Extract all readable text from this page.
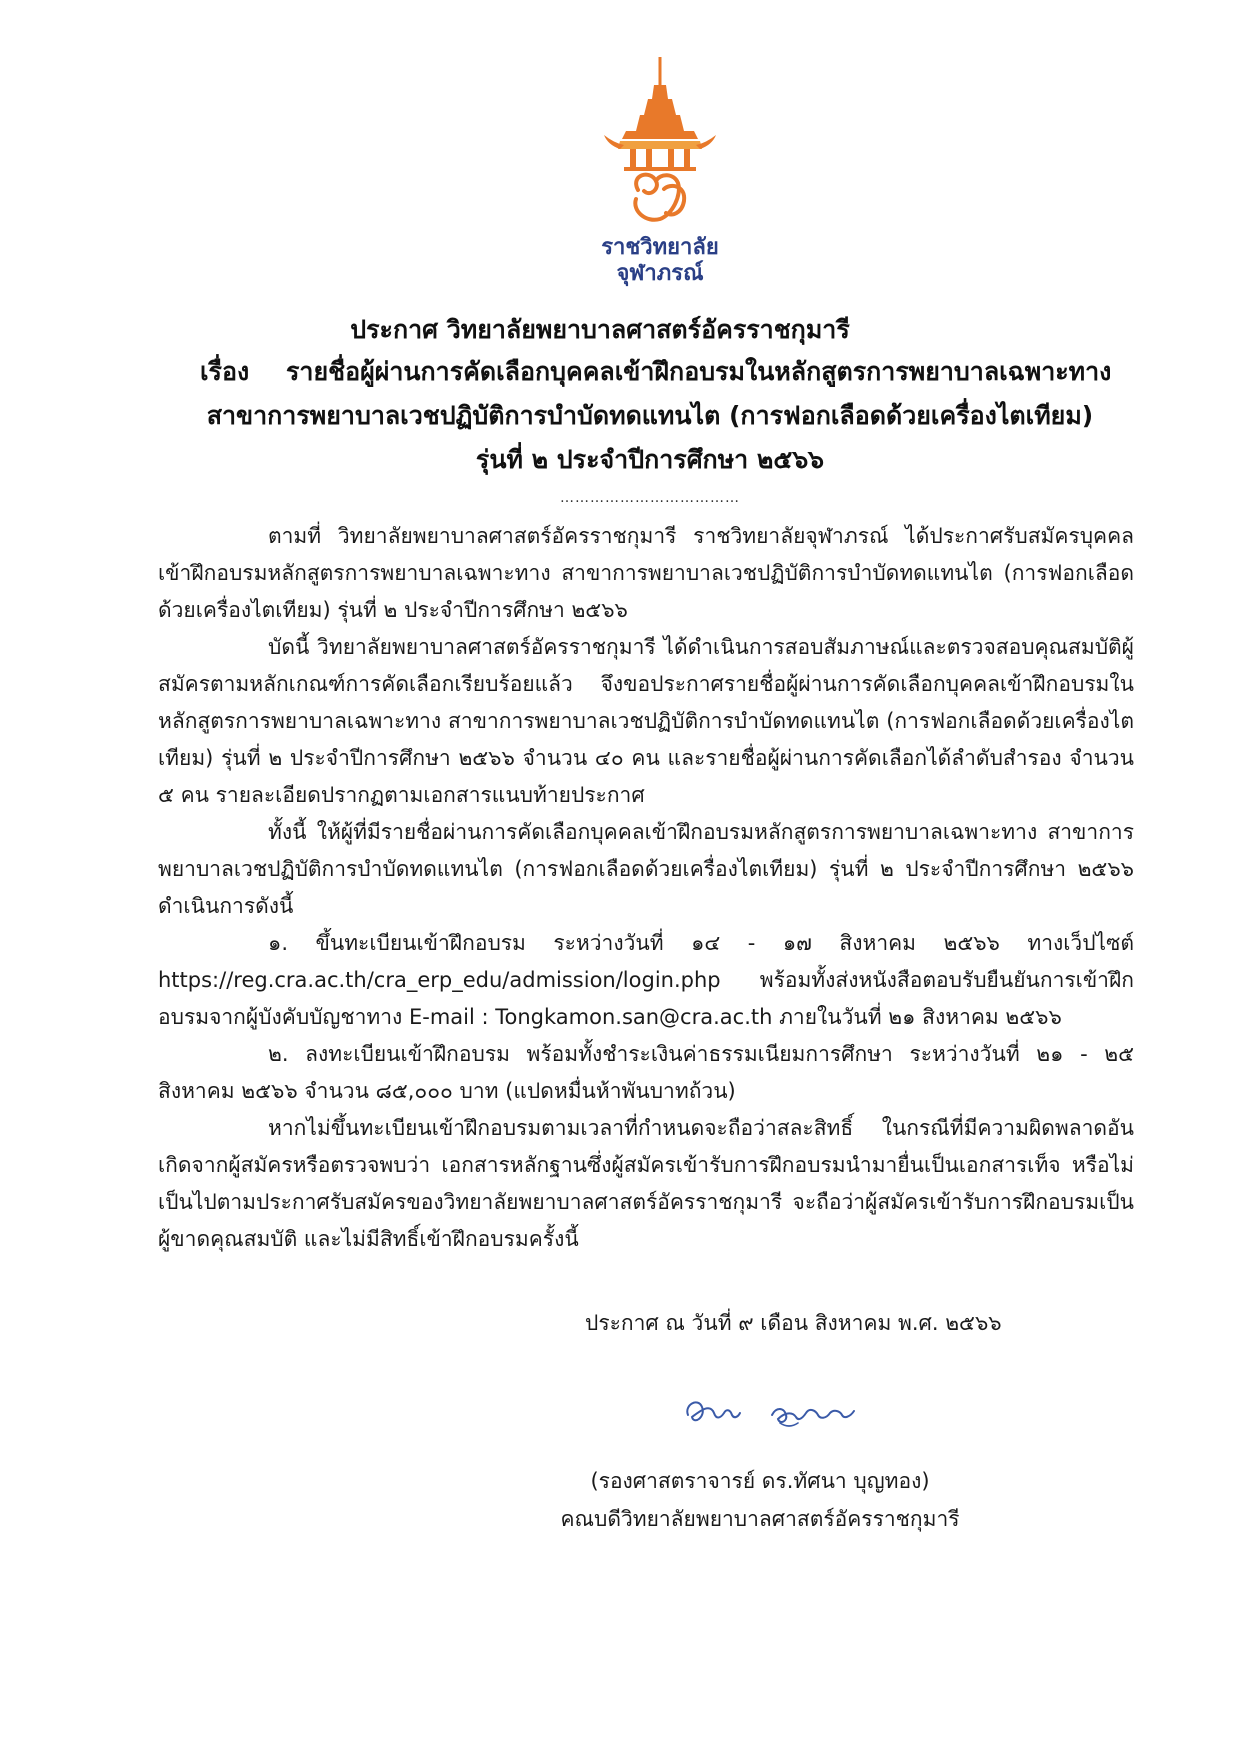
ราชวิทยาลัย
จุฬาภรณ์
ประกาศ วิทยาลัยพยาบาลศาสตร์อัครราชกุมารี
เรื่อง รายชื่อผู้ผ่านการคัดเลือกบุคคลเข้าฝึกอบรมในหลักสูตรการพยาบาลเฉพาะทาง
สาขาการพยาบาลเวชปฏิบัติการบำบัดทดแทนไต (การฟอกเลือดด้วยเครื่องไตเทียม)
รุ่นที่ ๒ ประจำปีการศึกษา ๒๕๖๖
………………………………

ตามที่ วิทยาลัยพยาบาลศาสตร์อัครราชกุมารี ราชวิทยาลัยจุฬาภรณ์ ได้ประกาศรับสมัครบุคคลเข้าฝึกอบรมหลักสูตรการพยาบาลเฉพาะทาง สาขาการพยาบาลเวชปฏิบัติการบำบัดทดแทนไต (การฟอกเลือดด้วยเครื่องไตเทียม) รุ่นที่ ๒ ประจำปีการศึกษา ๒๕๖๖

บัดนี้ วิทยาลัยพยาบาลศาสตร์อัครราชกุมารี ได้ดำเนินการสอบสัมภาษณ์และตรวจสอบคุณสมบัติผู้สมัครตามหลักเกณฑ์การคัดเลือกเรียบร้อยแล้ว จึงขอประกาศรายชื่อผู้ผ่านการคัดเลือกบุคคลเข้าฝึกอบรมในหลักสูตรการพยาบาลเฉพาะทาง สาขาการพยาบาลเวชปฏิบัติการบำบัดทดแทนไต (การฟอกเลือดด้วยเครื่องไตเทียม) รุ่นที่ ๒ ประจำปีการศึกษา ๒๕๖๖ จำนวน ๔๐ คน และรายชื่อผู้ผ่านการคัดเลือกได้ลำดับสำรอง จำนวน ๕ คน รายละเอียดปรากฏตามเอกสารแนบท้ายประกาศ

ทั้งนี้ ให้ผู้ที่มีรายชื่อผ่านการคัดเลือกบุคคลเข้าฝึกอบรมหลักสูตรการพยาบาลเฉพาะทาง สาขาการพยาบาลเวชปฏิบัติการบำบัดทดแทนไต (การฟอกเลือดด้วยเครื่องไตเทียม) รุ่นที่ ๒ ประจำปีการศึกษา ๒๕๖๖ ดำเนินการดังนี้

๑. ขึ้นทะเบียนเข้าฝึกอบรม ระหว่างวันที่ ๑๔ - ๑๗ สิงหาคม ๒๕๖๖ ทางเว็ปไซต์ https://reg.cra.ac.th/cra_erp_edu/admission/login.php พร้อมทั้งส่งหนังสือตอบรับยืนยันการเข้าฝึกอบรมจากผู้บังคับบัญชาทาง E-mail : Tongkamon.san@cra.ac.th ภายในวันที่ ๒๑ สิงหาคม ๒๕๖๖

๒. ลงทะเบียนเข้าฝึกอบรม พร้อมทั้งชำระเงินค่าธรรมเนียมการศึกษา ระหว่างวันที่ ๒๑ - ๒๕ สิงหาคม ๒๕๖๖ จำนวน ๘๕,๐๐๐ บาท (แปดหมื่นห้าพันบาทถ้วน)

หากไม่ขึ้นทะเบียนเข้าฝึกอบรมตามเวลาที่กำหนดจะถือว่าสละสิทธิ์ ในกรณีที่มีความผิดพลาดอันเกิดจากผู้สมัครหรือตรวจพบว่า เอกสารหลักฐานซึ่งผู้สมัครเข้ารับการฝึกอบรมนำมายื่นเป็นเอกสารเท็จ หรือไม่เป็นไปตามประกาศรับสมัครของวิทยาลัยพยาบาลศาสตร์อัครราชกุมารี จะถือว่าผู้สมัครเข้ารับการฝึกอบรมเป็นผู้ขาดคุณสมบัติ และไม่มีสิทธิ์เข้าฝึกอบรมครั้งนี้

ประกาศ ณ วันที่ ๙ เดือน สิงหาคม พ.ศ. ๒๕๖๖
(รองศาสตราจารย์ ดร.ทัศนา บุญทอง)
คณบดีวิทยาลัยพยาบาลศาสตร์อัครราชกุมารี
